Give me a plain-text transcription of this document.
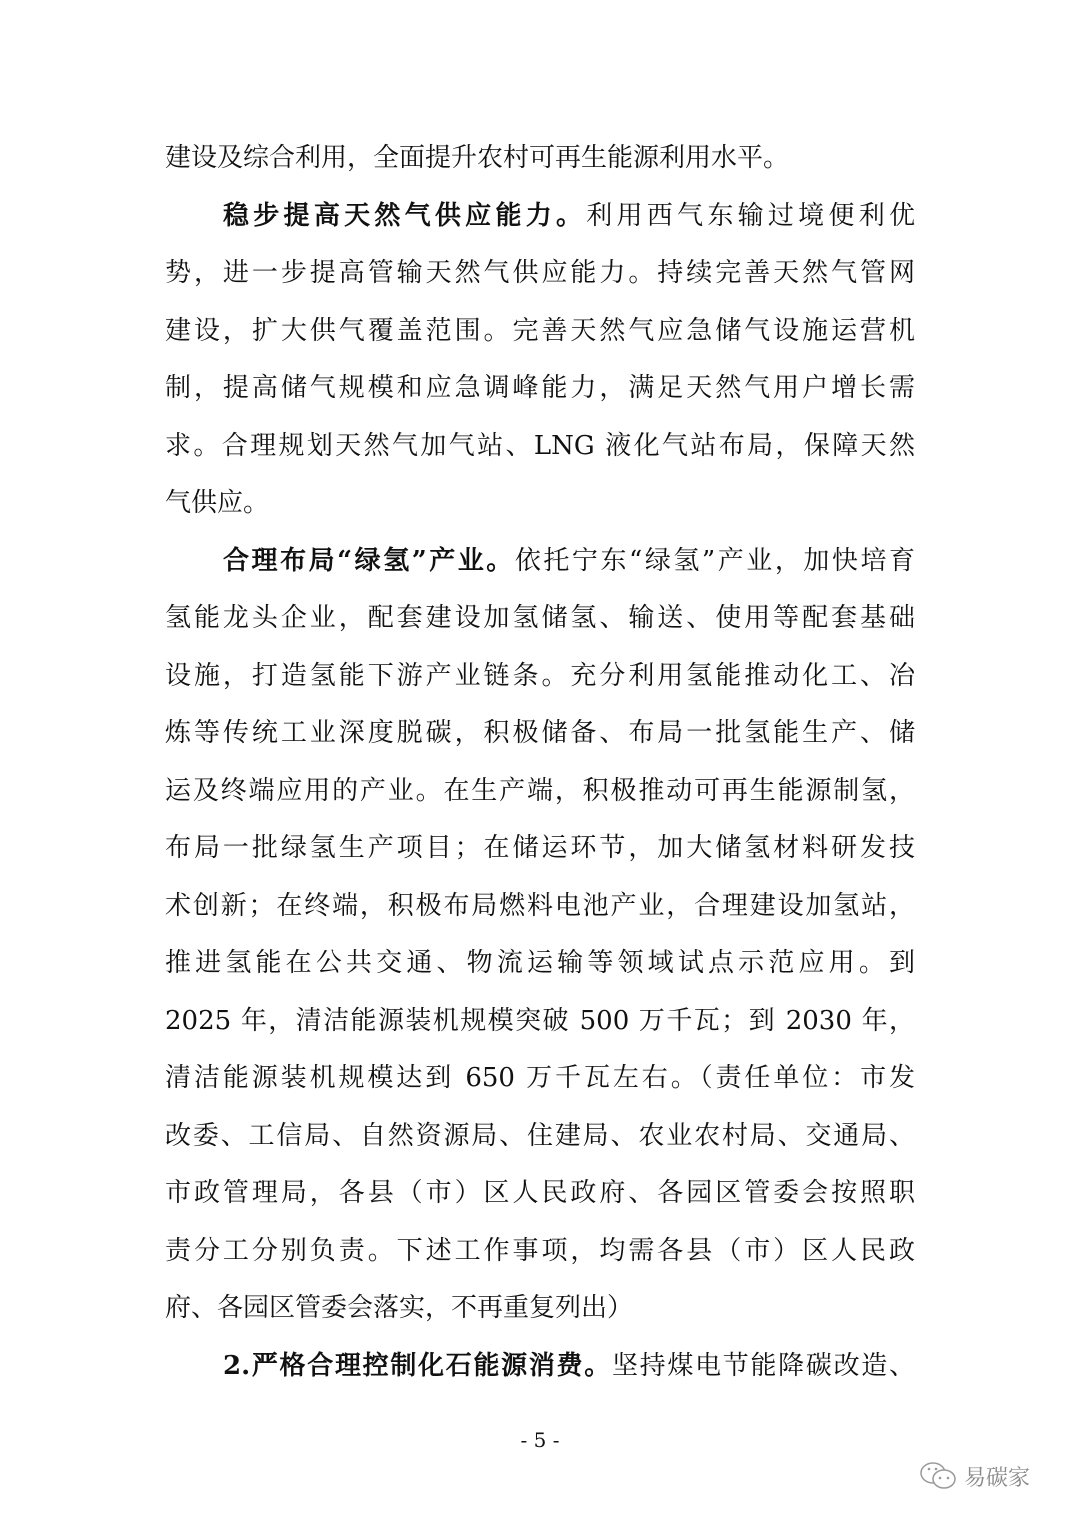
建设及综合利用，全面提升农村可再生能源利用水平。
稳步提高天然气供应能力。利用西气东输过境便利优
势，进一步提高管输天然气供应能力。持续完善天然气管网
建设，扩大供气覆盖范围。完善天然气应急储气设施运营机
制，提高储气规模和应急调峰能力，满足天然气用户增长需
求。合理规划天然气加气站、LNG 液化气站布局，保障天然
气供应。
合理布局“绿氢”产业。依托宁东“绿氢”产业，加快培育
氢能龙头企业，配套建设加氢储氢、输送、使用等配套基础
设施，打造氢能下游产业链条。充分利用氢能推动化工、冶
炼等传统工业深度脱碳，积极储备、布局一批氢能生产、储
运及终端应用的产业。在生产端，积极推动可再生能源制氢，
布局一批绿氢生产项目；在储运环节，加大储氢材料研发技
术创新；在终端，积极布局燃料电池产业，合理建设加氢站，
推进氢能在公共交通、物流运输等领域试点示范应用。到
2025 年，清洁能源装机规模突破 500 万千瓦；到 2030 年，
清洁能源装机规模达到 650 万千瓦左右。（责任单位：市发
改委、工信局、自然资源局、住建局、农业农村局、交通局、
市政管理局，各县（市）区人民政府、各园区管委会按照职
责分工分别负责。下述工作事项，均需各县（市）区人民政
府、各园区管委会落实，不再重复列出）
2.严格合理控制化石能源消费。坚持煤电节能降碳改造、
- 5 -
易碳家
